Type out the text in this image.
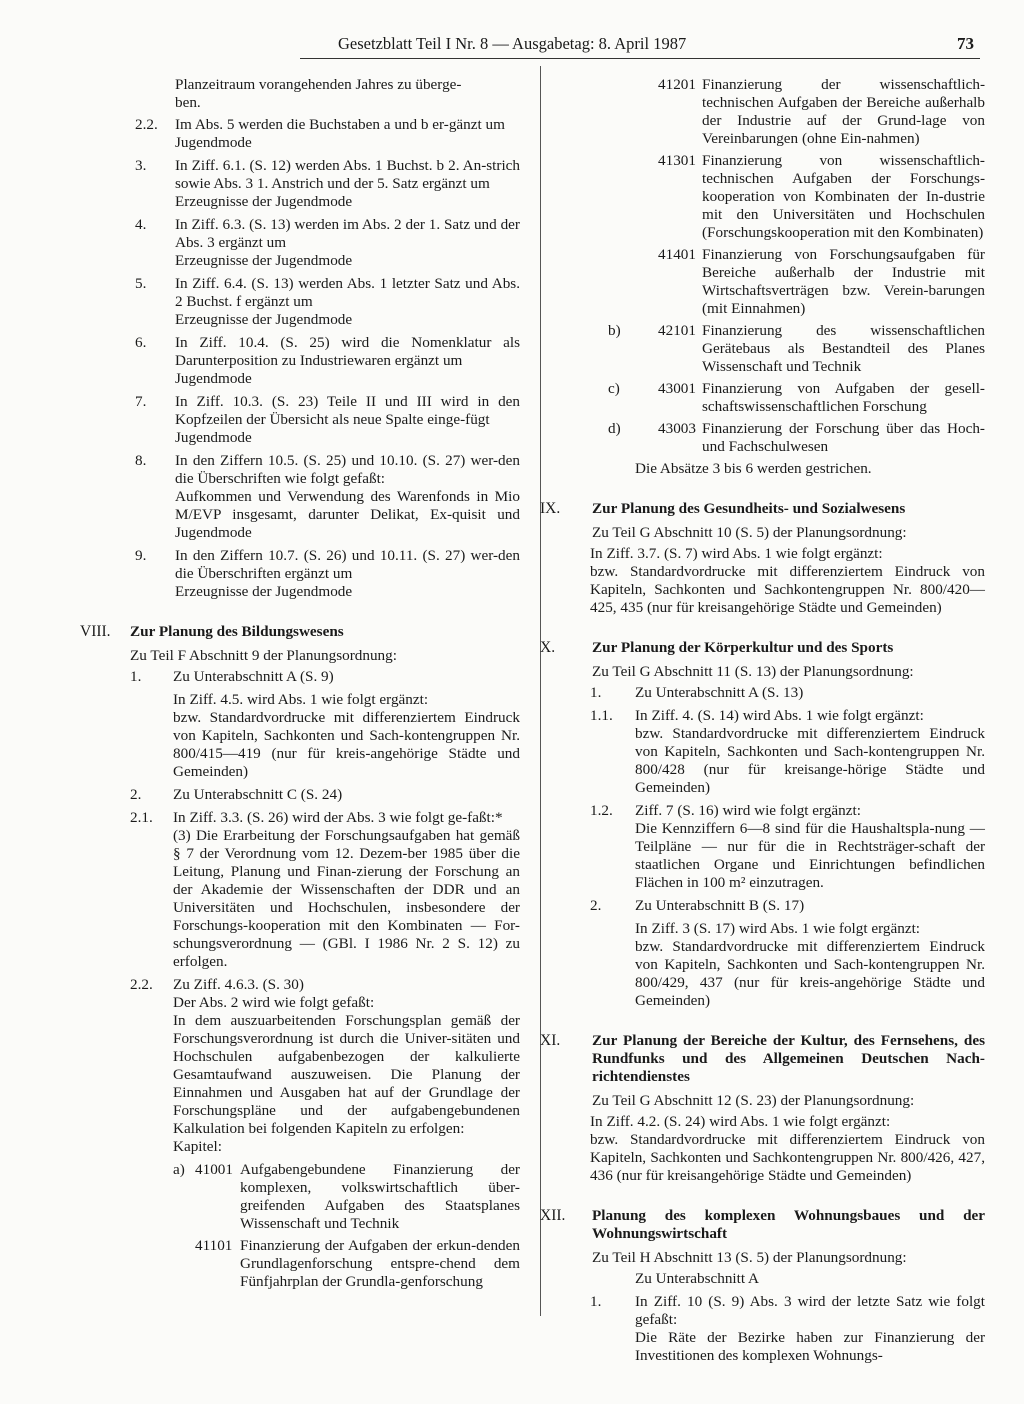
Gesetzblatt Teil I Nr. 8 — Ausgabetag: 8. April 1987	73
Planzeitraum vorangehenden Jahres zu überge-
ben.
2.2. Im Abs. 5 werden die Buchstaben a und b er-gänzt um
Jugendmode
3. In Ziff. 6.1. (S. 12) werden Abs. 1 Buchst. b 2. An-strich sowie Abs. 3 1. Anstrich und der 5. Satz ergänzt um
Erzeugnisse der Jugendmode
4. In Ziff. 6.3. (S. 13) werden im Abs. 2 der 1. Satz und der Abs. 3 ergänzt um
Erzeugnisse der Jugendmode
5. In Ziff. 6.4. (S. 13) werden Abs. 1 letzter Satz und Abs. 2 Buchst. f ergänzt um
Erzeugnisse der Jugendmode
6. In Ziff. 10.4. (S. 25) wird die Nomenklatur als Darunterposition zu Industriewaren ergänzt um
Jugendmode
7. In Ziff. 10.3. (S. 23) Teile II und III wird in den Kopfzeilen der Übersicht als neue Spalte einge-fügt
Jugendmode
8. In den Ziffern 10.5. (S. 25) und 10.10. (S. 27) wer-den die Überschriften wie folgt gefaßt:
Aufkommen und Verwendung des Warenfonds in Mio M/EVP insgesamt, darunter Delikat, Ex-quisit und Jugendmode
9. In den Ziffern 10.7. (S. 26) und 10.11. (S. 27) wer-den die Überschriften ergänzt um
Erzeugnisse der Jugendmode
VIII. Zur Planung des Bildungswesens
Zu Teil F Abschnitt 9 der Planungsordnung:
1. Zu Unterabschnitt A (S. 9)
In Ziff. 4.5. wird Abs. 1 wie folgt ergänzt:
bzw. Standardvordrucke mit differenziertem Eindruck von Kapiteln, Sachkonten und Sach-kontengruppen Nr. 800/415—419 (nur für kreis-angehörige Städte und Gemeinden)
2. Zu Unterabschnitt C (S. 24)
2.1. In Ziff. 3.3. (S. 26) wird der Abs. 3 wie folgt ge-faßt:*
(3) Die Erarbeitung der Forschungsaufgaben hat gemäß § 7 der Verordnung vom 12. Dezem-ber 1985 über die Leitung, Planung und Finan-zierung der Forschung an der Akademie der Wissenschaften der DDR und an Universitäten und Hochschulen, insbesondere der Forschungs-kooperation mit den Kombinaten — For-schungsverordnung — (GBl. I 1986 Nr. 2 S. 12) zu erfolgen.
2.2. Zu Ziff. 4.6.3. (S. 30)
Der Abs. 2 wird wie folgt gefaßt:
In dem auszuarbeitenden Forschungsplan gemäß der Forschungsverordnung ist durch die Univer-sitäten und Hochschulen aufgabenbezogen der kalkulierte Gesamtaufwand auszuweisen. Die Planung der Einnahmen und Ausgaben hat auf der Grundlage der Forschungspläne und der aufgabengebundenen Kalkulation bei folgenden Kapiteln zu erfolgen:
Kapitel:
a) 41001 Aufgabengebundene Finanzierung der komplexen, volkswirtschaftlich über-greifenden Aufgaben des Staatsplanes Wissenschaft und Technik
41101 Finanzierung der Aufgaben der erkun-denden Grundlagenforschung entspre-chend dem Fünfjahrplan der Grundla-genforschung
41201 Finanzierung der wissenschaftlich-technischen Aufgaben der Bereiche außerhalb der Industrie auf der Grund-lage von Vereinbarungen (ohne Ein-nahmen)
41301 Finanzierung von wissenschaftlich-technischen Aufgaben der Forschungs-kooperation von Kombinaten der In-dustrie mit den Universitäten und Hochschulen (Forschungskooperation mit den Kombinaten)
41401 Finanzierung von Forschungsaufgaben für Bereiche außerhalb der Industrie mit Wirtschaftsverträgen bzw. Verein-barungen (mit Einnahmen)
b) 42101 Finanzierung des wissenschaftlichen Gerätebaus als Bestandteil des Planes Wissenschaft und Technik
c)	43001 Finanzierung von Aufgaben der gesell-schaftswissenschaftlichen Forschung
d) 43003 Finanzierung der Forschung über das Hoch- und Fachschulwesen
Die Absätze 3 bis 6 werden gestrichen.
IX. Zur Planung des Gesundheits- und Sozialwesens
Zu Teil G Abschnitt 10 (S. 5) der Planungsordnung:
In Ziff. 3.7. (S. 7) wird Abs. 1 wie folgt ergänzt:
bzw. Standardvordrucke mit differenziertem Eindruck von Kapiteln, Sachkonten und Sachkontengruppen Nr. 800/420—425, 435 (nur für kreisangehörige Städte und Gemeinden)
X. Zur Planung der Körperkultur und des Sports
Zu Teil G Abschnitt 11 (S. 13) der Planungsordnung:
1. Zu Unterabschnitt A (S. 13)
1.1. In Ziff. 4. (S. 14) wird Abs. 1 wie folgt ergänzt:
bzw. Standardvordrucke mit differenziertem Eindruck von Kapiteln, Sachkonten und Sach-kontengruppen Nr. 800/428 (nur für kreisange-hörige Städte und Gemeinden)
1.2. Ziff. 7 (S. 16) wird wie folgt ergänzt:
Die Kennziffern 6—8 sind für die Haushaltspla-nung — Teilpläne — nur für die in Rechtsträger-schaft der staatlichen Organe und Einrichtungen befindlichen Flächen in 100 m² einzutragen.
2. Zu Unterabschnitt B (S. 17)
In Ziff. 3 (S. 17) wird Abs. 1 wie folgt ergänzt:
bzw. Standardvordrucke mit differenziertem Eindruck von Kapiteln, Sachkonten und Sach-kontengruppen Nr. 800/429, 437 (nur für kreis-angehörige Städte und Gemeinden)
XI. Zur Planung der Bereiche der Kultur, des Fernsehens, des Rundfunks und des Allgemeinen Deutschen Nach-richtendienstes
Zu Teil G Abschnitt 12 (S. 23) der Planungsordnung:
In Ziff. 4.2. (S. 24) wird Abs. 1 wie folgt ergänzt:
bzw. Standardvordrucke mit differenziertem Eindruck von Kapiteln, Sachkonten und Sachkontengruppen Nr. 800/426, 427, 436 (nur für kreisangehörige Städte und Gemeinden)
XII. Planung des komplexen Wohnungsbaues und der Wohnungswirtschaft
Zu Teil H Abschnitt 13 (S. 5) der Planungsordnung:
Zu Unterabschnitt A
1. In Ziff. 10 (S. 9) Abs. 3 wird der letzte Satz wie folgt gefaßt:
Die Räte der Bezirke haben zur Finanzierung der Investitionen des komplexen Wohnungs-
